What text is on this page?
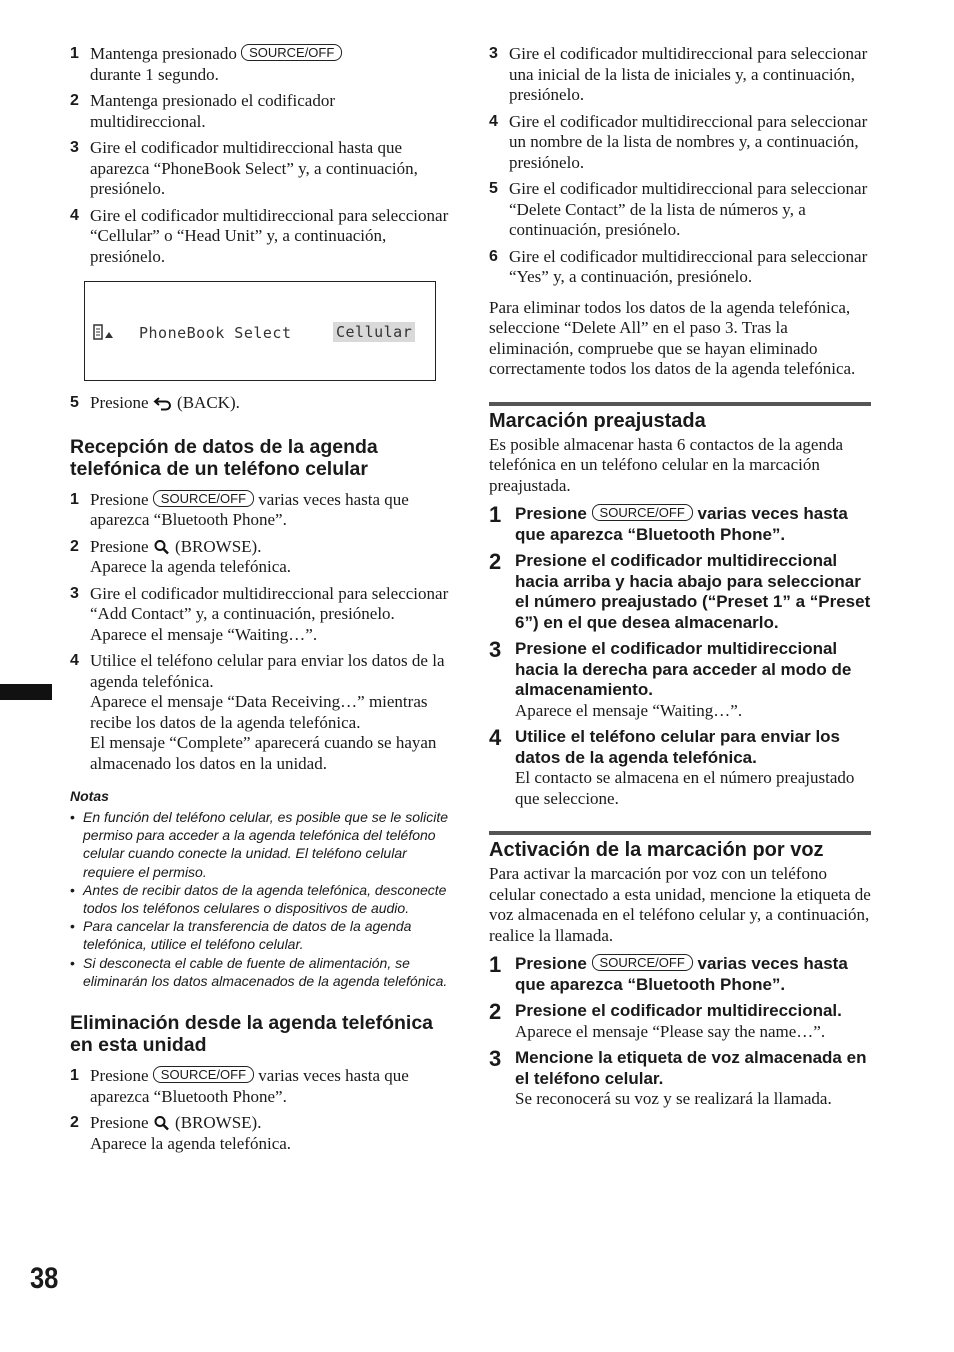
1 Mantenga presionado SOURCE/OFF
durante 1 segundo.
2 Mantenga presionado el codificador multidireccional.
3 Gire el codificador multidireccional hasta que aparezca “PhoneBook Select” y, a continuación, presiónelo.
4 Gire el codificador multidireccional para seleccionar “Cellular” o “Head Unit” y, a continuación, presiónelo.
PhoneBook Select	Cellular
5 Presione (BACK).
Recepción de datos de la agenda telefónica de un teléfono celular
1 Presione SOURCE/OFF varias veces hasta que aparezca “Bluetooth Phone”.
2 Presione (BROWSE).
Aparece la agenda telefónica.
3 Gire el codificador multidireccional para seleccionar “Add Contact” y, a continuación, presiónelo.
Aparece el mensaje “Waiting…”.
4 Utilice el teléfono celular para enviar los datos de la agenda telefónica.
Aparece el mensaje “Data Receiving…” mientras recibe los datos de la agenda telefónica.
El mensaje “Complete” aparecerá cuando se hayan almacenado los datos en la unidad.
Notas
• En función del teléfono celular, es posible que se le solicite permiso para acceder a la agenda telefónica del teléfono celular cuando conecte la unidad. El teléfono celular requiere el permiso.
• Antes de recibir datos de la agenda telefónica, desconecte todos los teléfonos celulares o dispositivos de audio.
• Para cancelar la transferencia de datos de la agenda telefónica, utilice el teléfono celular.
• Si desconecta el cable de fuente de alimentación, se eliminarán los datos almacenados de la agenda telefónica.
Eliminación desde la agenda telefónica en esta unidad
1 Presione SOURCE/OFF varias veces hasta que aparezca “Bluetooth Phone”.
2 Presione (BROWSE).
Aparece la agenda telefónica.
3 Gire el codificador multidireccional para seleccionar una inicial de la lista de iniciales y, a continuación, presiónelo.
4 Gire el codificador multidireccional para seleccionar un nombre de la lista de nombres y, a continuación, presiónelo.
5 Gire el codificador multidireccional para seleccionar “Delete Contact” de la lista de números y, a continuación, presiónelo.
6 Gire el codificador multidireccional para seleccionar “Yes” y, a continuación, presiónelo.
Para eliminar todos los datos de la agenda telefónica, seleccione “Delete All” en el paso 3. Tras la eliminación, compruebe que se hayan eliminado correctamente todos los datos de la agenda telefónica.
Marcación preajustada
Es posible almacenar hasta 6 contactos de la agenda telefónica en un teléfono celular en la marcación preajustada.
1 Presione SOURCE/OFF varias veces hasta que aparezca “Bluetooth Phone”.
2 Presione el codificador multidireccional hacia arriba y hacia abajo para seleccionar el número preajustado (“Preset 1” a “Preset 6”) en el que desea almacenarlo.
3 Presione el codificador multidireccional hacia la derecha para acceder al modo de almacenamiento.
Aparece el mensaje “Waiting…”.
4 Utilice el teléfono celular para enviar los datos de la agenda telefónica.
El contacto se almacena en el número preajustado que seleccione.
Activación de la marcación por voz
Para activar la marcación por voz con un teléfono celular conectado a esta unidad, mencione la etiqueta de voz almacenada en el teléfono celular y, a continuación, realice la llamada.
1 Presione SOURCE/OFF varias veces hasta que aparezca “Bluetooth Phone”.
2 Presione el codificador multidireccional.
Aparece el mensaje “Please say the name…”.
3 Mencione la etiqueta de voz almacenada en el teléfono celular.
Se reconocerá su voz y se realizará la llamada.
38
